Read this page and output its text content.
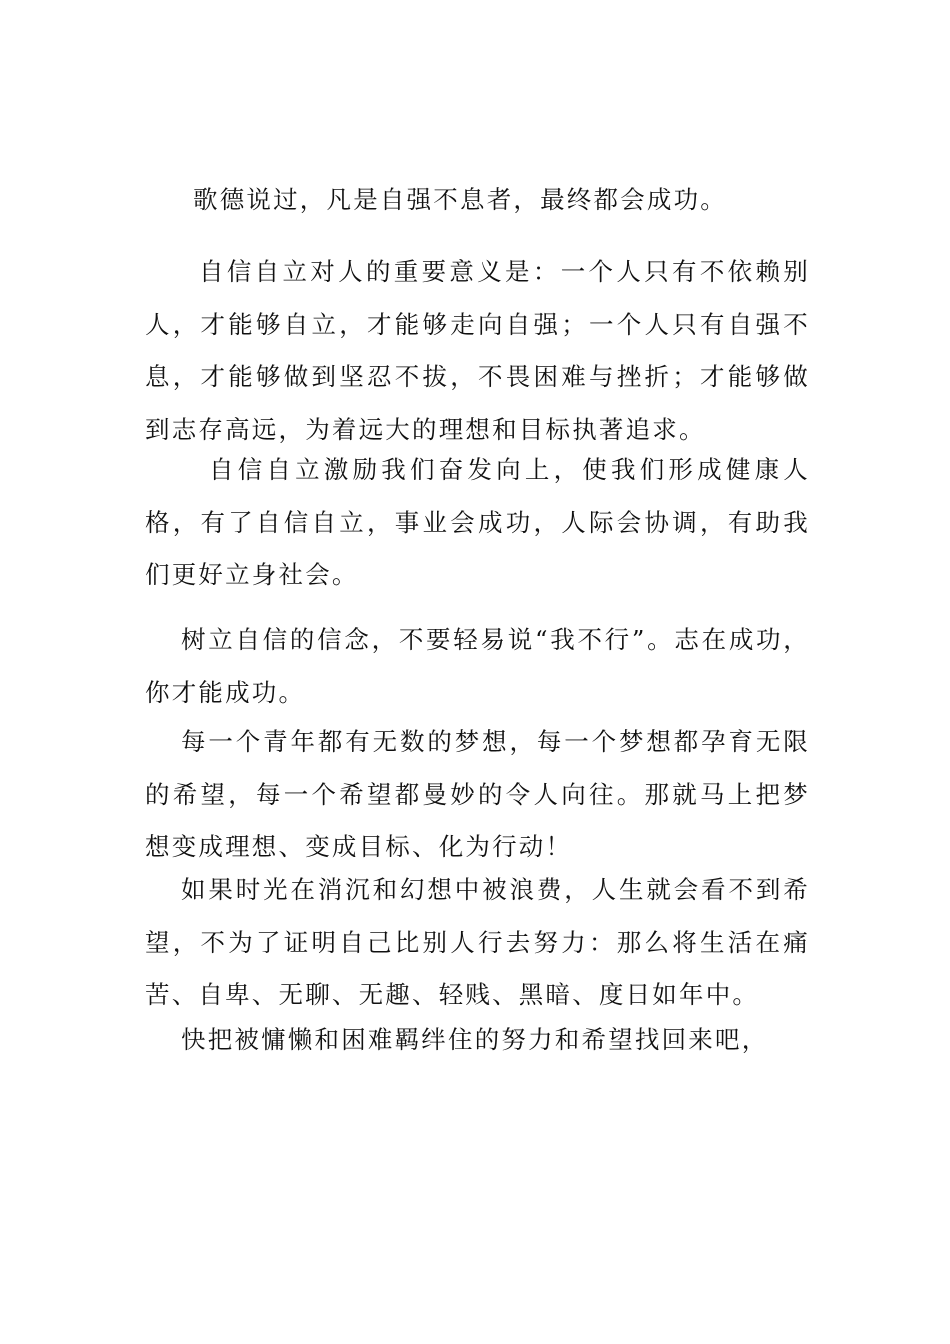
歌德说过，凡是自强不息者，最终都会成功。

自信自立对人的重要意义是：一个人只有不依赖别人，才能够自立，才能够走向自强；一个人只有自强不息，才能够做到坚忍不拔，不畏困难与挫折；才能够做到志存高远，为着远大的理想和目标执著追求。

自信自立激励我们奋发向上，使我们形成健康人格，有了自信自立，事业会成功，人际会协调，有助我们更好立身社会。

树立自信的信念，不要轻易说“我不行”。志在成功，你才能成功。

每一个青年都有无数的梦想，每一个梦想都孕育无限的希望，每一个希望都曼妙的令人向往。那就马上把梦想变成理想、变成目标、化为行动！

如果时光在消沉和幻想中被浪费，人生就会看不到希望，不为了证明自己比别人行去努力：那么将生活在痛苦、自卑、无聊、无趣、轻贱、黑暗、度日如年中。

快把被慵懒和困难羁绊住的努力和希望找回来吧，
